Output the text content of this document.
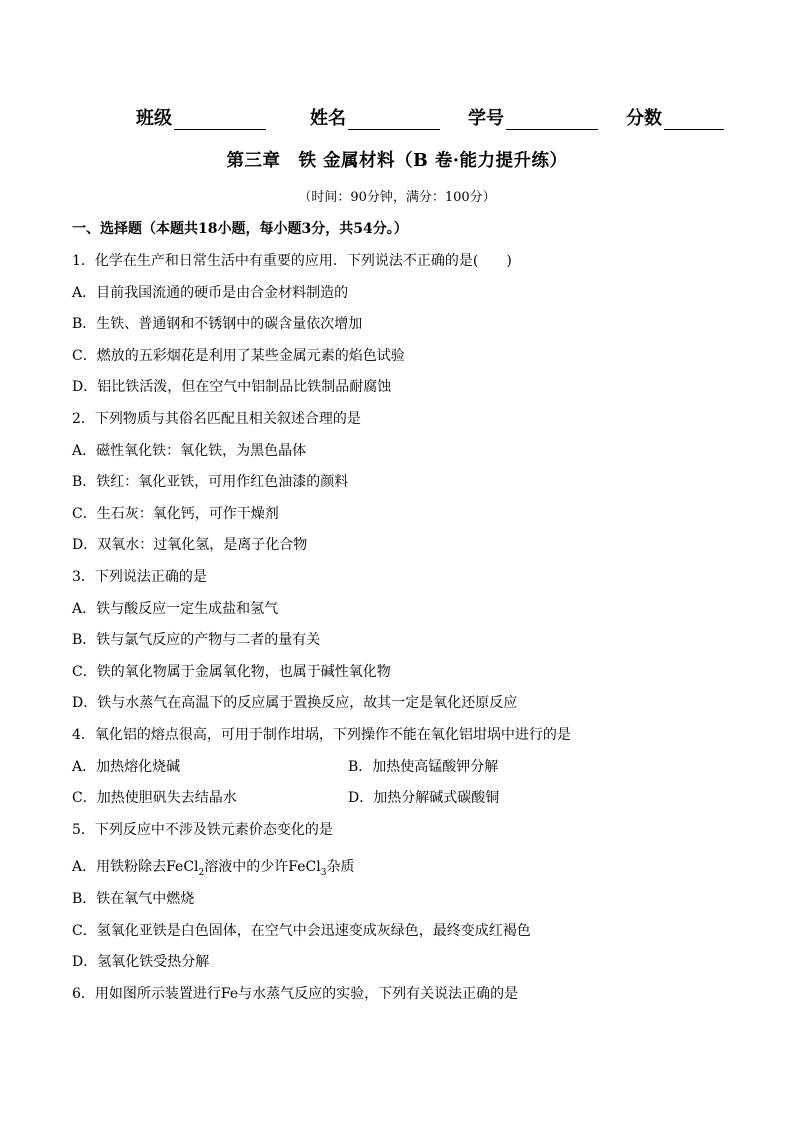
班级	姓名	学号	分数
第三章　铁 金属材料（B 卷·能力提升练）
（时间：90分钟，满分：100分）
一、选择题（本题共18小题，每小题3分，共54分。）
1．化学在生产和日常生活中有重要的应用．下列说法不正确的是(　　)
A．目前我国流通的硬币是由合金材料制造的
B．生铁、普通钢和不锈钢中的碳含量依次增加
C．燃放的五彩烟花是利用了某些金属元素的焰色试验
D．铝比铁活泼，但在空气中铝制品比铁制品耐腐蚀
2．下列物质与其俗名匹配且相关叙述合理的是
A．磁性氧化铁：氧化铁，为黑色晶体
B．铁红：氧化亚铁，可用作红色油漆的颜料
C．生石灰：氧化钙，可作干燥剂
D．双氧水：过氧化氢，是离子化合物
3．下列说法正确的是
A．铁与酸反应一定生成盐和氢气
B．铁与氯气反应的产物与二者的量有关
C．铁的氧化物属于金属氧化物，也属于碱性氧化物
D．铁与水蒸气在高温下的反应属于置换反应，故其一定是氧化还原反应
4．氧化铝的熔点很高，可用于制作坩埚，下列操作不能在氧化铝坩埚中进行的是
A．加热熔化烧碱	B．加热使高锰酸钾分解
C．加热使胆矾失去结晶水	D．加热分解碱式碳酸铜
5．下列反应中不涉及铁元素价态变化的是
A．用铁粉除去FeCl$_2$溶液中的少许FeCl$_3$杂质
B．铁在氧气中燃烧
C．氢氧化亚铁是白色固体，在空气中会迅速变成灰绿色，最终变成红褐色
D．氢氧化铁受热分解
6．用如图所示装置进行Fe与水蒸气反应的实验，下列有关说法正确的是
